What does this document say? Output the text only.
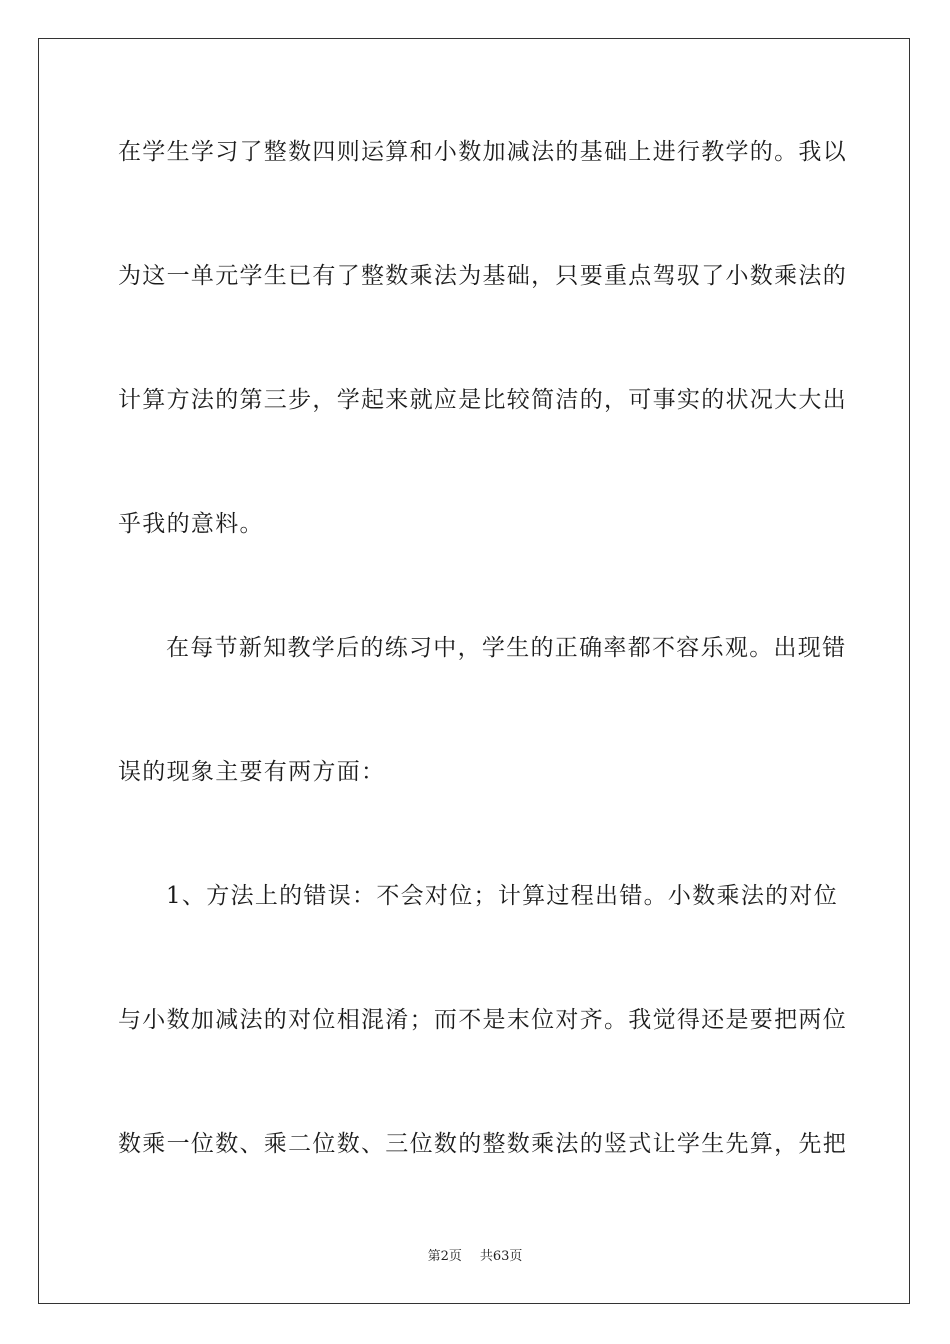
在学生学习了整数四则运算和小数加减法的基础上进行教学的。我以
为这一单元学生已有了整数乘法为基础，只要重点驾驭了小数乘法的
计算方法的第三步，学起来就应是比较简洁的，可事实的状况大大出
乎我的意料。
在每节新知教学后的练习中，学生的正确率都不容乐观。出现错
误的现象主要有两方面：
1、方法上的错误：不会对位；计算过程出错。小数乘法的对位
与小数加减法的对位相混淆；而不是末位对齐。我觉得还是要把两位
数乘一位数、乘二位数、三位数的整数乘法的竖式让学生先算，先把
第2页 共63页
